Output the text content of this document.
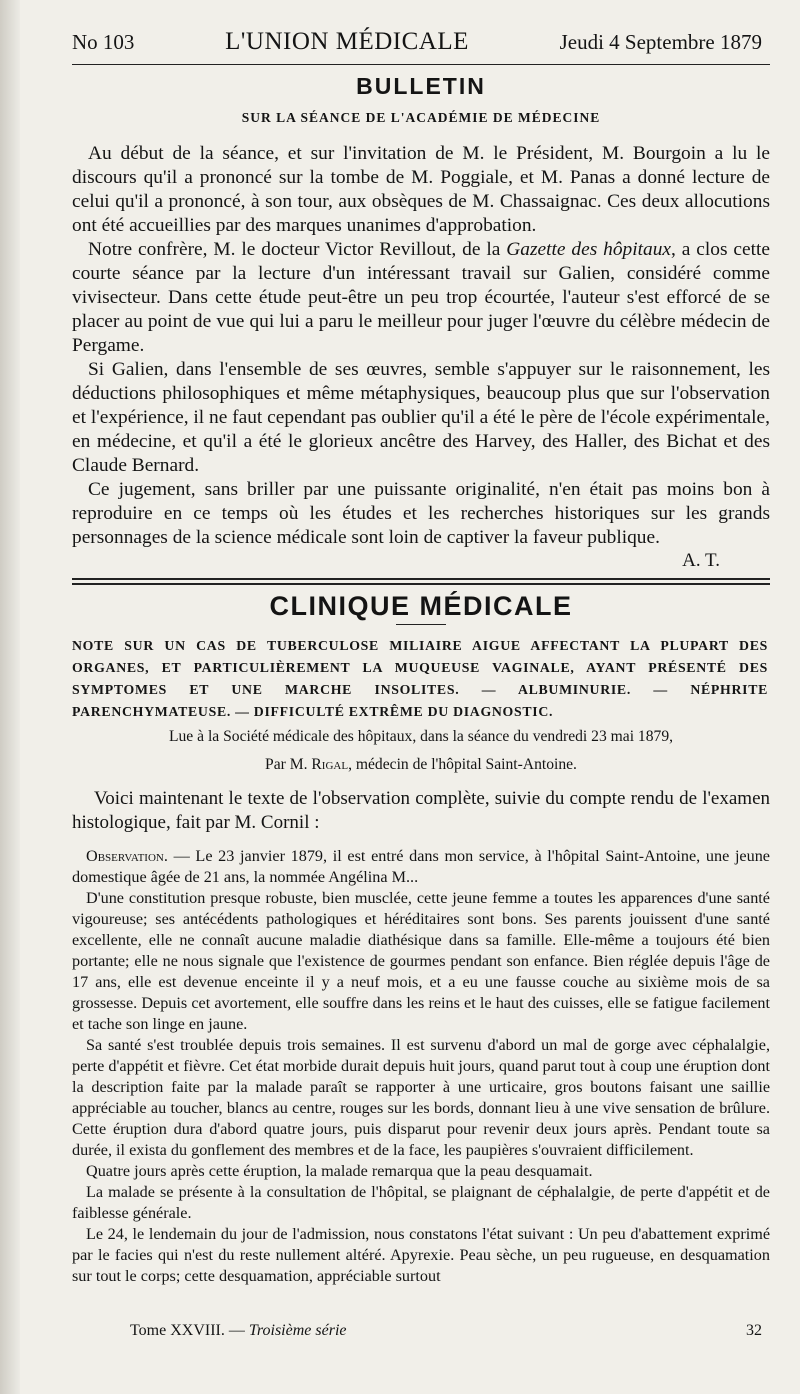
No 103	L'UNION MÉDICALE	Jeudi 4 Septembre 1879
BULLETIN
SUR LA SÉANCE DE L'ACADÉMIE DE MÉDECINE

Au début de la séance, et sur l'invitation de M. le Président, M. Bourgoin a lu le discours qu'il a prononcé sur la tombe de M. Poggiale, et M. Panas a donné lecture de celui qu'il a prononcé, à son tour, aux obsèques de M. Chassaignac. Ces deux allocutions ont été accueillies par des marques unanimes d'approbation.

Notre confrère, M. le docteur Victor Revillout, de la Gazette des hôpitaux, a clos cette courte séance par la lecture d'un intéressant travail sur Galien, considéré comme vivisecteur. Dans cette étude peut-être un peu trop écourtée, l'auteur s'est efforcé de se placer au point de vue qui lui a paru le meilleur pour juger l'œuvre du célèbre médecin de Pergame.

Si Galien, dans l'ensemble de ses œuvres, semble s'appuyer sur le raisonnement, les déductions philosophiques et même métaphysiques, beaucoup plus que sur l'observation et l'expérience, il ne faut cependant pas oublier qu'il a été le père de l'école expérimentale, en médecine, et qu'il a été le glorieux ancêtre des Harvey, des Haller, des Bichat et des Claude Bernard.

Ce jugement, sans briller par une puissante originalité, n'en était pas moins bon à reproduire en ce temps où les études et les recherches historiques sur les grands personnages de la science médicale sont loin de captiver la faveur publique.

A. T.
CLINIQUE MÉDICALE
NOTE SUR UN CAS DE TUBERCULOSE MILIAIRE AIGUE AFFECTANT LA PLUPART DES ORGANES, ET PARTICULIÈREMENT LA MUQUEUSE VAGINALE, AYANT PRÉSENTÉ DES SYMPTOMES ET UNE MARCHE INSOLITES. — ALBUMINURIE. — NÉPHRITE PARENCHYMATEUSE. — DIFFICULTÉ EXTRÊME DU DIAGNOSTIC.
Lue à la Société médicale des hôpitaux, dans la séance du vendredi 23 mai 1879,
Par M. Rigal, médecin de l'hôpital Saint-Antoine.

Voici maintenant le texte de l'observation complète, suivie du compte rendu de l'examen histologique, fait par M. Cornil :

Observation. — Le 23 janvier 1879, il est entré dans mon service, à l'hôpital Saint-Antoine, une jeune domestique âgée de 21 ans, la nommée Angélina M...

D'une constitution presque robuste, bien musclée, cette jeune femme a toutes les apparences d'une santé vigoureuse; ses antécédents pathologiques et héréditaires sont bons. Ses parents jouissent d'une santé excellente, elle ne connaît aucune maladie diathésique dans sa famille. Elle-même a toujours été bien portante; elle ne nous signale que l'existence de gourmes pendant son enfance. Bien réglée depuis l'âge de 17 ans, elle est devenue enceinte il y a neuf mois, et a eu une fausse couche au sixième mois de sa grossesse. Depuis cet avortement, elle souffre dans les reins et le haut des cuisses, elle se fatigue facilement et tache son linge en jaune.

Sa santé s'est troublée depuis trois semaines. Il est survenu d'abord un mal de gorge avec céphalalgie, perte d'appétit et fièvre. Cet état morbide durait depuis huit jours, quand parut tout à coup une éruption dont la description faite par la malade paraît se rapporter à une urticaire, gros boutons faisant une saillie appréciable au toucher, blancs au centre, rouges sur les bords, donnant lieu à une vive sensation de brûlure. Cette éruption dura d'abord quatre jours, puis disparut pour revenir deux jours après. Pendant toute sa durée, il exista du gonflement des membres et de la face, les paupières s'ouvraient difficilement.

Quatre jours après cette éruption, la malade remarqua que la peau desquamait.

La malade se présente à la consultation de l'hôpital, se plaignant de céphalalgie, de perte d'appétit et de faiblesse générale.

Le 24, le lendemain du jour de l'admission, nous constatons l'état suivant : Un peu d'abattement exprimé par le facies qui n'est du reste nullement altéré. Apyrexie. Peau sèche, un peu rugueuse, en desquamation sur tout le corps; cette desquamation, appréciable surtout

Tome XXVIII. — Troisième série	32
